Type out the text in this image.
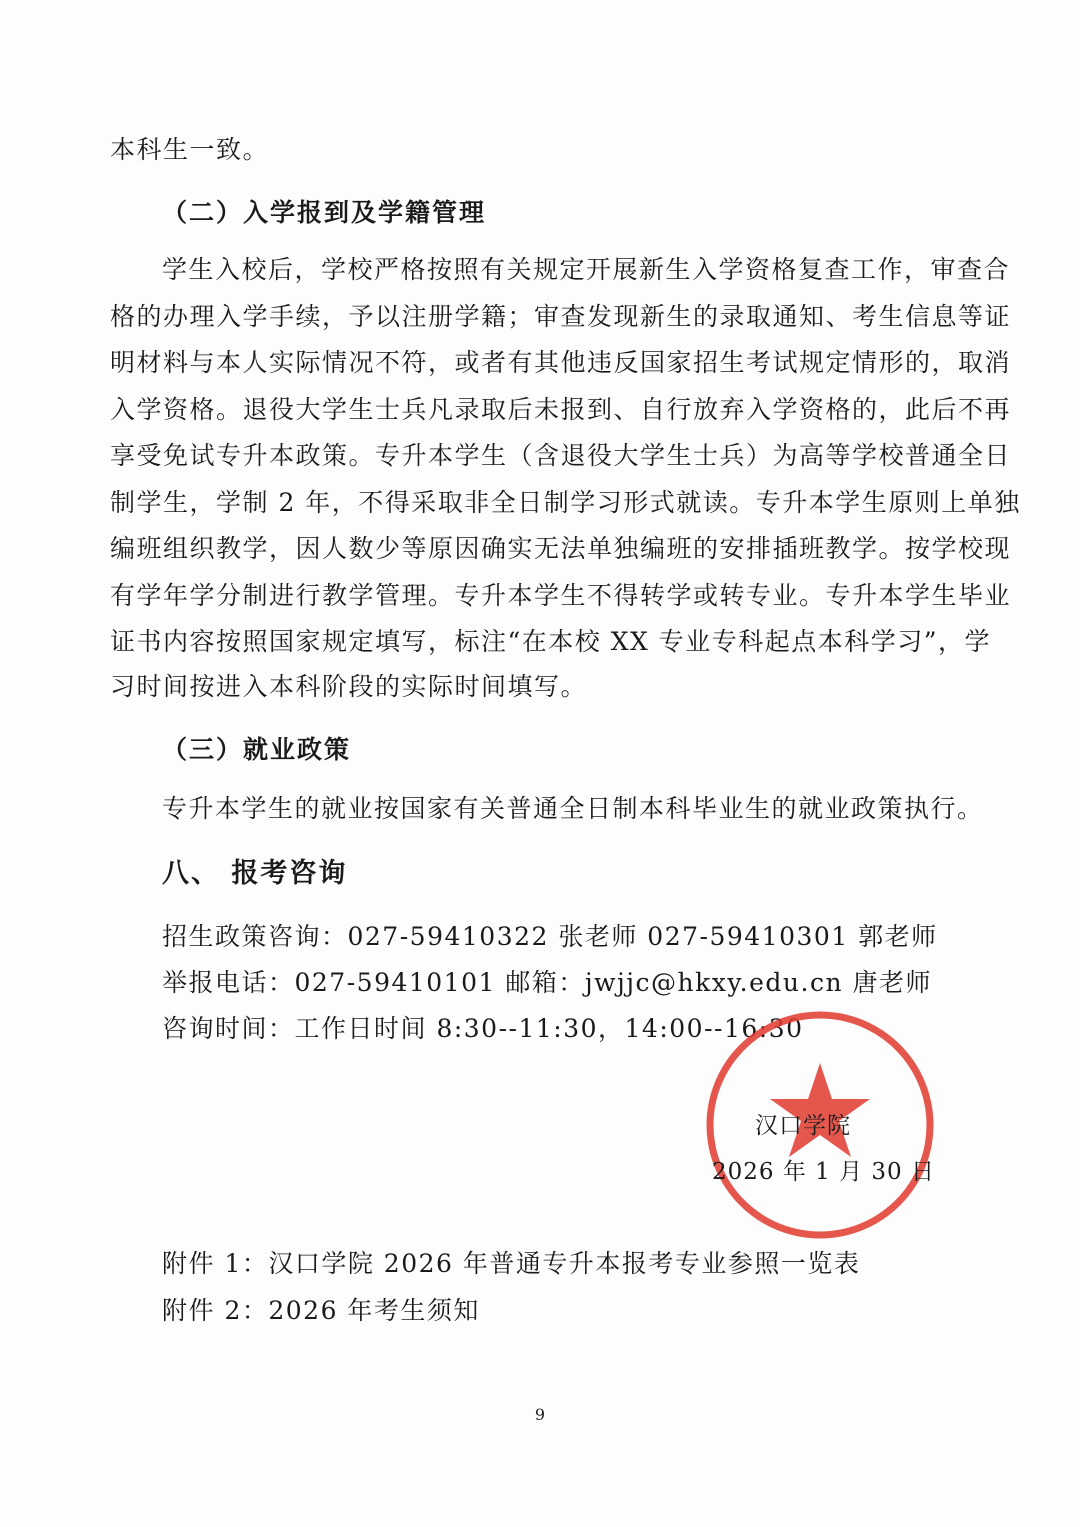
本科生一致。
（二）入学报到及学籍管理
学生入校后，学校严格按照有关规定开展新生入学资格复查工作，审查合
格的办理入学手续，予以注册学籍；审查发现新生的录取通知、考生信息等证
明材料与本人实际情况不符，或者有其他违反国家招生考试规定情形的，取消
入学资格。退役大学生士兵凡录取后未报到、自行放弃入学资格的，此后不再
享受免试专升本政策。专升本学生（含退役大学生士兵）为高等学校普通全日
制学生，学制 2 年，不得采取非全日制学习形式就读。专升本学生原则上单独
编班组织教学，因人数少等原因确实无法单独编班的安排插班教学。按学校现
有学年学分制进行教学管理。专升本学生不得转学或转专业。专升本学生毕业
证书内容按照国家规定填写，标注“在本校 XX 专业专科起点本科学习”，学
习时间按进入本科阶段的实际时间填写。
（三）就业政策
专升本学生的就业按国家有关普通全日制本科毕业生的就业政策执行。
八、 报考咨询
招生政策咨询：027-59410322 张老师 027-59410301 郭老师
举报电话：027-59410101 邮箱：jwjjc@hkxy.edu.cn 唐老师
咨询时间：工作日时间 8:30--11:30，14:00--16:30
汉口学院
2026 年 1 月 30 日
附件 1：汉口学院 2026 年普通专升本报考专业参照一览表
附件 2：2026 年考生须知
9
